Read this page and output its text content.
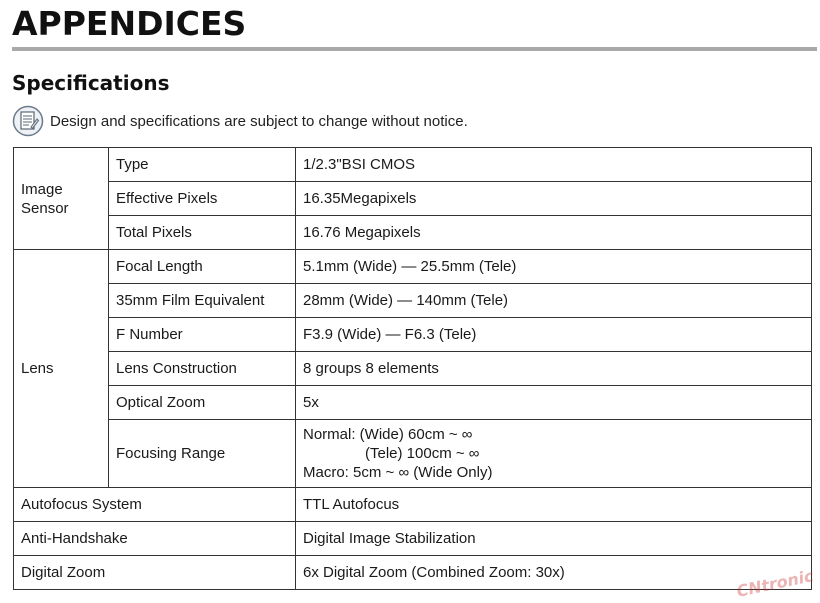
APPENDICES
Specifications
Design and specifications are subject to change without notice.
Image Sensor	Type	1/2.3"BSI CMOS
	Effective Pixels	16.35Megapixels
	Total Pixels	16.76 Megapixels
Lens	Focal Length	5.1mm (Wide) — 25.5mm (Tele)
	35mm Film Equivalent	28mm (Wide) — 140mm (Tele)
	F Number	F3.9 (Wide) — F6.3 (Tele)
	Lens Construction	8 groups 8 elements
	Optical Zoom	5x
	Focusing Range	Normal: (Wide) 60cm ~ ∞
(Tele) 100cm ~ ∞
Macro: 5cm ~ ∞ (Wide Only)

Autofocus System		TTL Autofocus
Anti-Handshake		Digital Image Stabilization
Digital Zoom		6x Digital Zoom (Combined Zoom: 30x)	CNtronic
